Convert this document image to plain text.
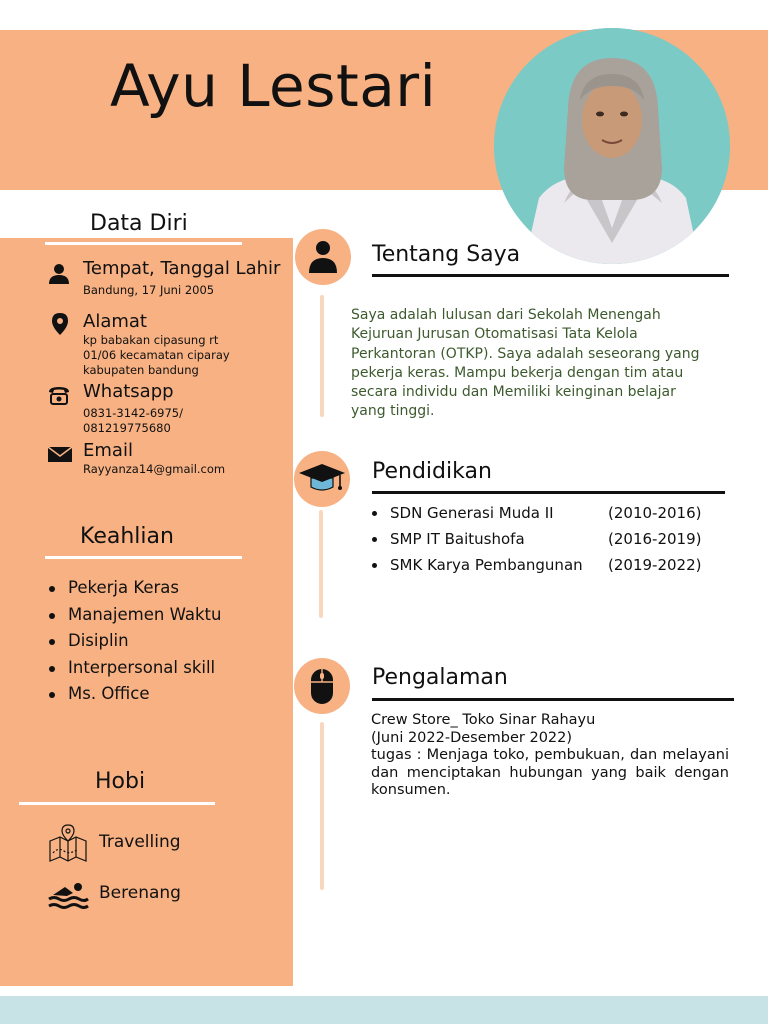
Ayu Lestari
Data Diri
Tempat, Tanggal Lahir
Bandung, 17 Juni 2005
Alamat
kp babakan cipasung rt 01/06 kecamatan ciparay kabupaten bandung
Whatsapp
0831-3142-6975/ 081219775680
Email
Rayyanza14@gmail.com
Keahlian
Pekerja Keras
Manajemen Waktu
Disiplin
Interpersonal skill
Ms. Office
Hobi
Travelling
Berenang
Tentang Saya
Saya adalah lulusan dari Sekolah Menengah Kejuruan Jurusan Otomatisasi Tata Kelola Perkantoran (OTKP). Saya adalah seseorang yang pekerja keras. Mampu bekerja dengan tim atau secara individu dan Memiliki keinginan belajar yang tinggi.
Pendidikan
SDN Generasi Muda II	(2010-2016)
SMP IT Baitushofa	(2016-2019)
SMK Karya Pembangunan (2019-2022)
Pengalaman
Crew Store_ Toko Sinar Rahayu
(Juni 2022-Desember 2022)
tugas : Menjaga toko, pembukuan, dan melayani dan menciptakan hubungan yang baik dengan konsumen.
